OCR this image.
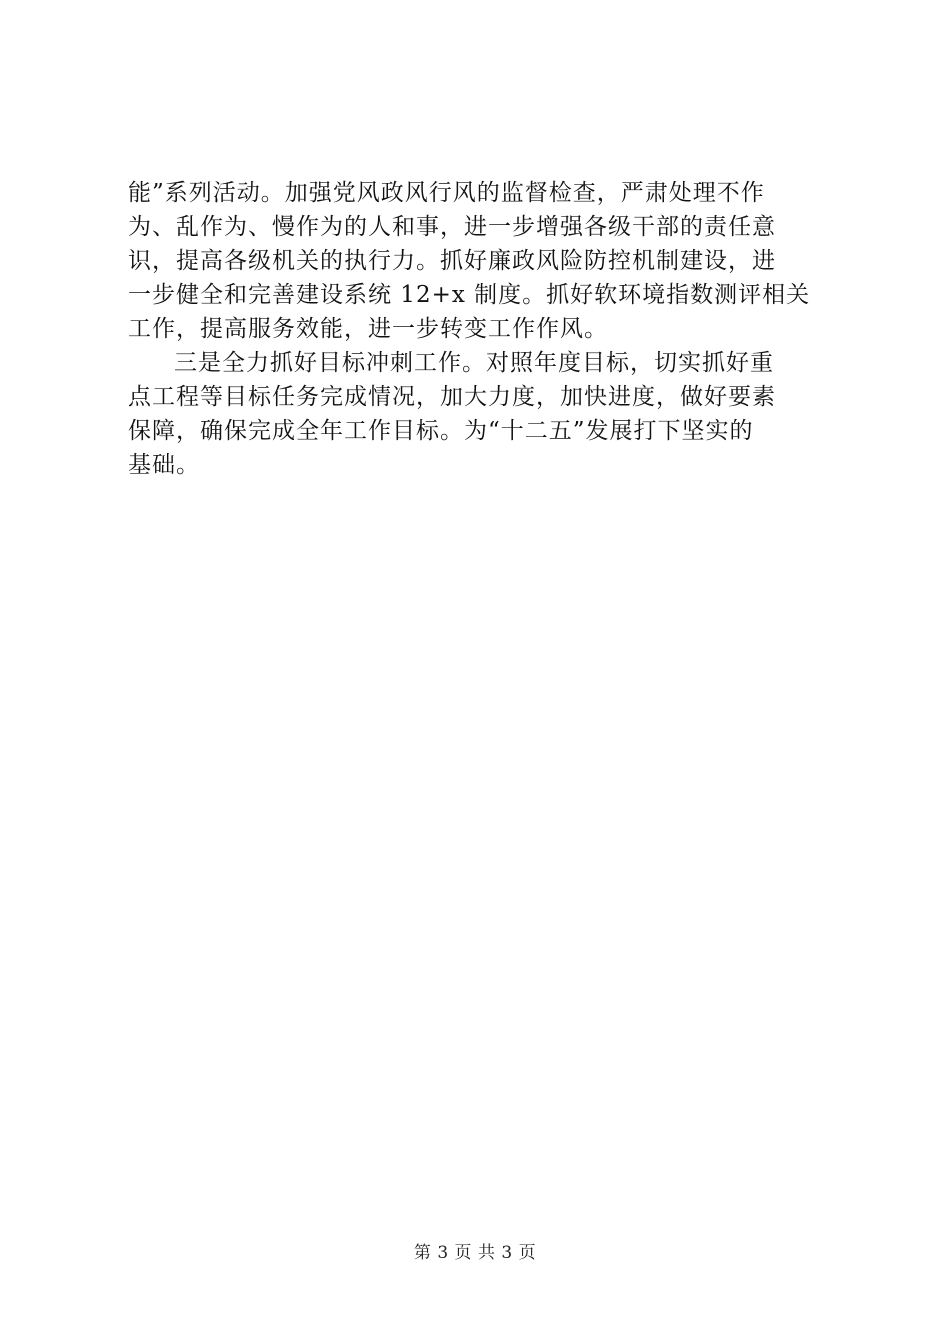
能”系列活动。加强党风政风行风的监督检查，严肃处理不作
为、乱作为、慢作为的人和事，进一步增强各级干部的责任意
识，提高各级机关的执行力。抓好廉政风险防控机制建设，进
一步健全和完善建设系统 12+x 制度。抓好软环境指数测评相关
工作，提高服务效能，进一步转变工作作风。
三是全力抓好目标冲刺工作。对照年度目标，切实抓好重
点工程等目标任务完成情况，加大力度，加快进度，做好要素
保障，确保完成全年工作目标。为“十二五”发展打下坚实的
基础。
第 3 页 共 3 页
